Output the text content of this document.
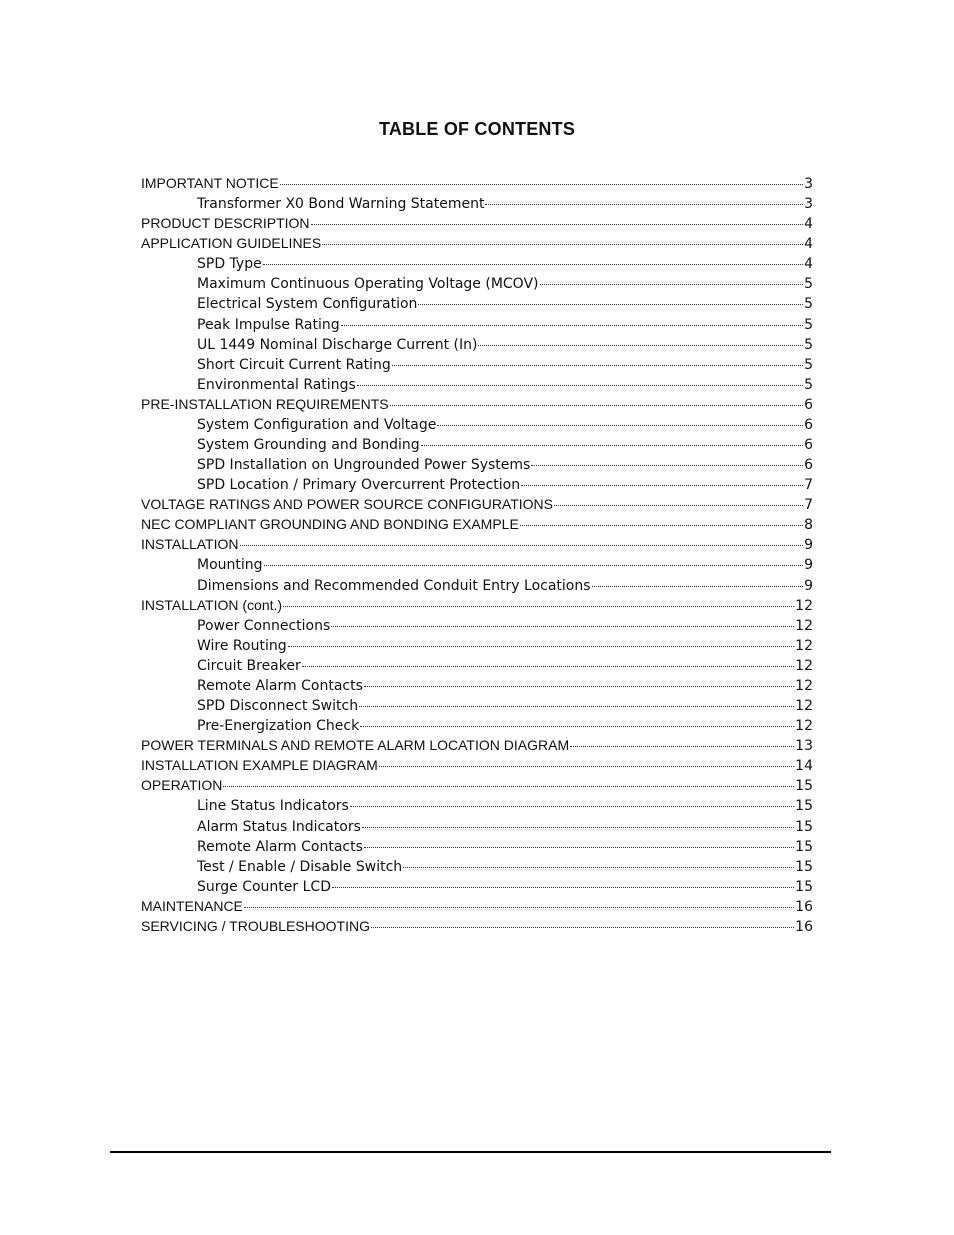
TABLE OF CONTENTS
IMPORTANT NOTICE	3
Transformer X0 Bond Warning Statement	3
PRODUCT DESCRIPTION	4
APPLICATION GUIDELINES	4
SPD Type	4
Maximum Continuous Operating Voltage (MCOV)	5
Electrical System Configuration	5
Peak Impulse Rating	5
UL 1449 Nominal Discharge Current (In)	5
Short Circuit Current Rating	5
Environmental Ratings	5
PRE-INSTALLATION REQUIREMENTS	6
System Configuration and Voltage	6
System Grounding and Bonding	6
SPD Installation on Ungrounded Power Systems	6
SPD Location / Primary Overcurrent Protection	7
VOLTAGE RATINGS AND POWER SOURCE CONFIGURATIONS	7
NEC COMPLIANT GROUNDING AND BONDING EXAMPLE	8
INSTALLATION	9
Mounting	9
Dimensions and Recommended Conduit Entry Locations	9
INSTALLATION (cont.)	12
Power Connections	12
Wire Routing	12
Circuit Breaker	12
Remote Alarm Contacts	12
SPD Disconnect Switch	12
Pre-Energization Check	12
POWER TERMINALS AND REMOTE ALARM LOCATION DIAGRAM	13
INSTALLATION EXAMPLE DIAGRAM	14
OPERATION	15
Line Status Indicators	15
Alarm Status Indicators	15
Remote Alarm Contacts	15
Test / Enable / Disable Switch	15
Surge Counter LCD	15
MAINTENANCE	16
SERVICING / TROUBLESHOOTING	16
